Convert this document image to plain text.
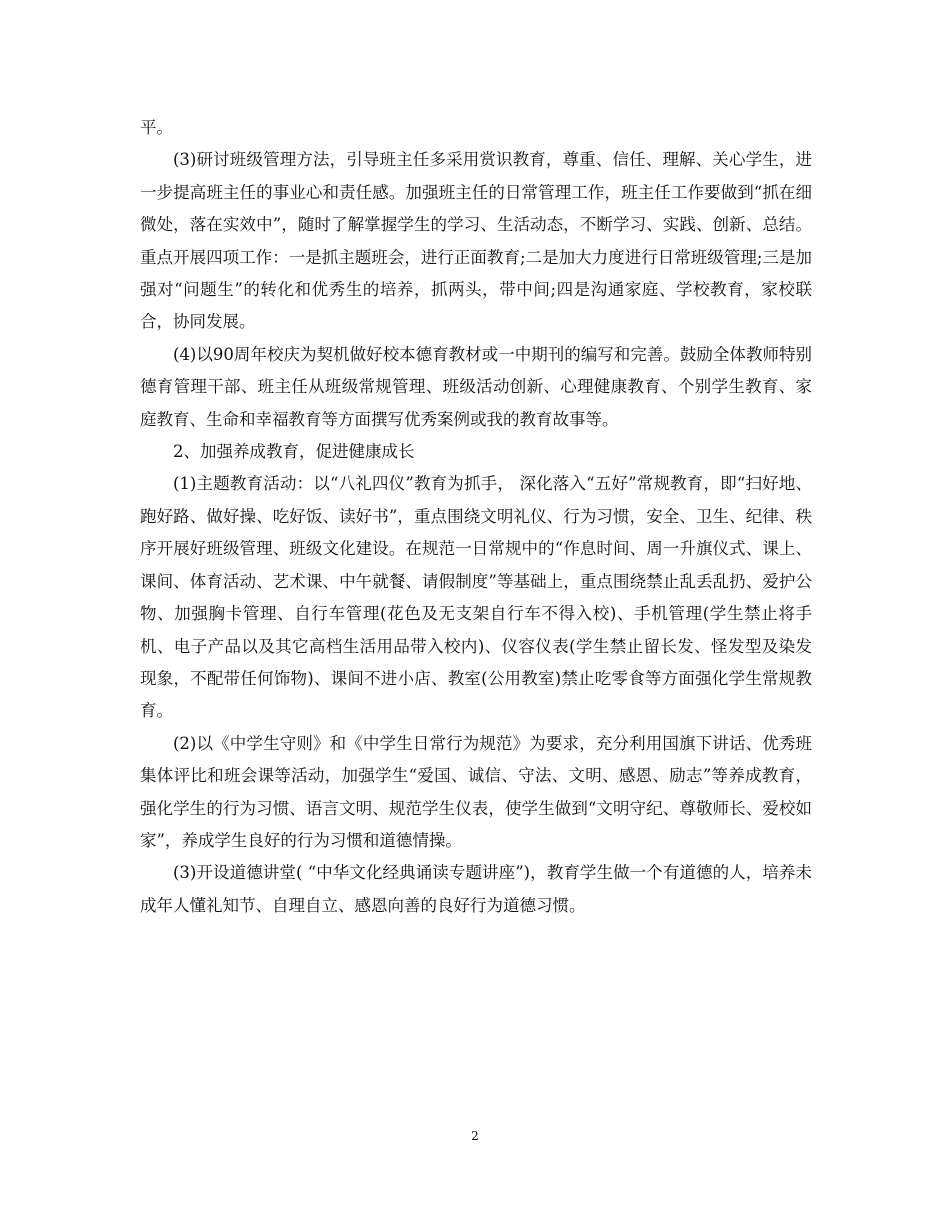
平。

(3)研讨班级管理方法，引导班主任多采用赏识教育，尊重、信任、理解、关心学生，进一步提高班主任的事业心和责任感。加强班主任的日常管理工作，班主任工作要做到“抓在细微处，落在实效中”，随时了解掌握学生的学习、生活动态，不断学习、实践、创新、总结。重点开展四项工作：一是抓主题班会，进行正面教育;二是加大力度进行日常班级管理;三是加强对“问题生”的转化和优秀生的培养，抓两头，带中间;四是沟通家庭、学校教育，家校联合，协同发展。

(4)以90周年校庆为契机做好校本德育教材或一中期刊的编写和完善。鼓励全体教师特别德育管理干部、班主任从班级常规管理、班级活动创新、心理健康教育、个别学生教育、家庭教育、生命和幸福教育等方面撰写优秀案例或我的教育故事等。

2、加强养成教育，促进健康成长

(1)主题教育活动：以“八礼四仪”教育为抓手， 深化落入“五好”常规教育，即“扫好地、跑好路、做好操、吃好饭、读好书”，重点围绕文明礼仪、行为习惯，安全、卫生、纪律、秩序开展好班级管理、班级文化建设。在规范一日常规中的“作息时间、周一升旗仪式、课上、课间、体育活动、艺术课、中午就餐、请假制度”等基础上，重点围绕禁止乱丢乱扔、爱护公物、加强胸卡管理、自行车管理(花色及无支架自行车不得入校)、手机管理(学生禁止将手机、电子产品以及其它高档生活用品带入校内)、仪容仪表(学生禁止留长发、怪发型及染发现象，不配带任何饰物)、课间不进小店、教室(公用教室)禁止吃零食等方面强化学生常规教育。

(2)以《中学生守则》和《中学生日常行为规范》为要求，充分利用国旗下讲话、优秀班集体评比和班会课等活动，加强学生“爱国、诚信、守法、文明、感恩、励志”等养成教育，强化学生的行为习惯、语言文明、规范学生仪表，使学生做到“文明守纪、尊敬师长、爱校如家”，养成学生良好的行为习惯和道德情操。

(3)开设道德讲堂( “中华文化经典诵读专题讲座”)，教育学生做一个有道德的人，培养未成年人懂礼知节、自理自立、感恩向善的良好行为道德习惯。

2
